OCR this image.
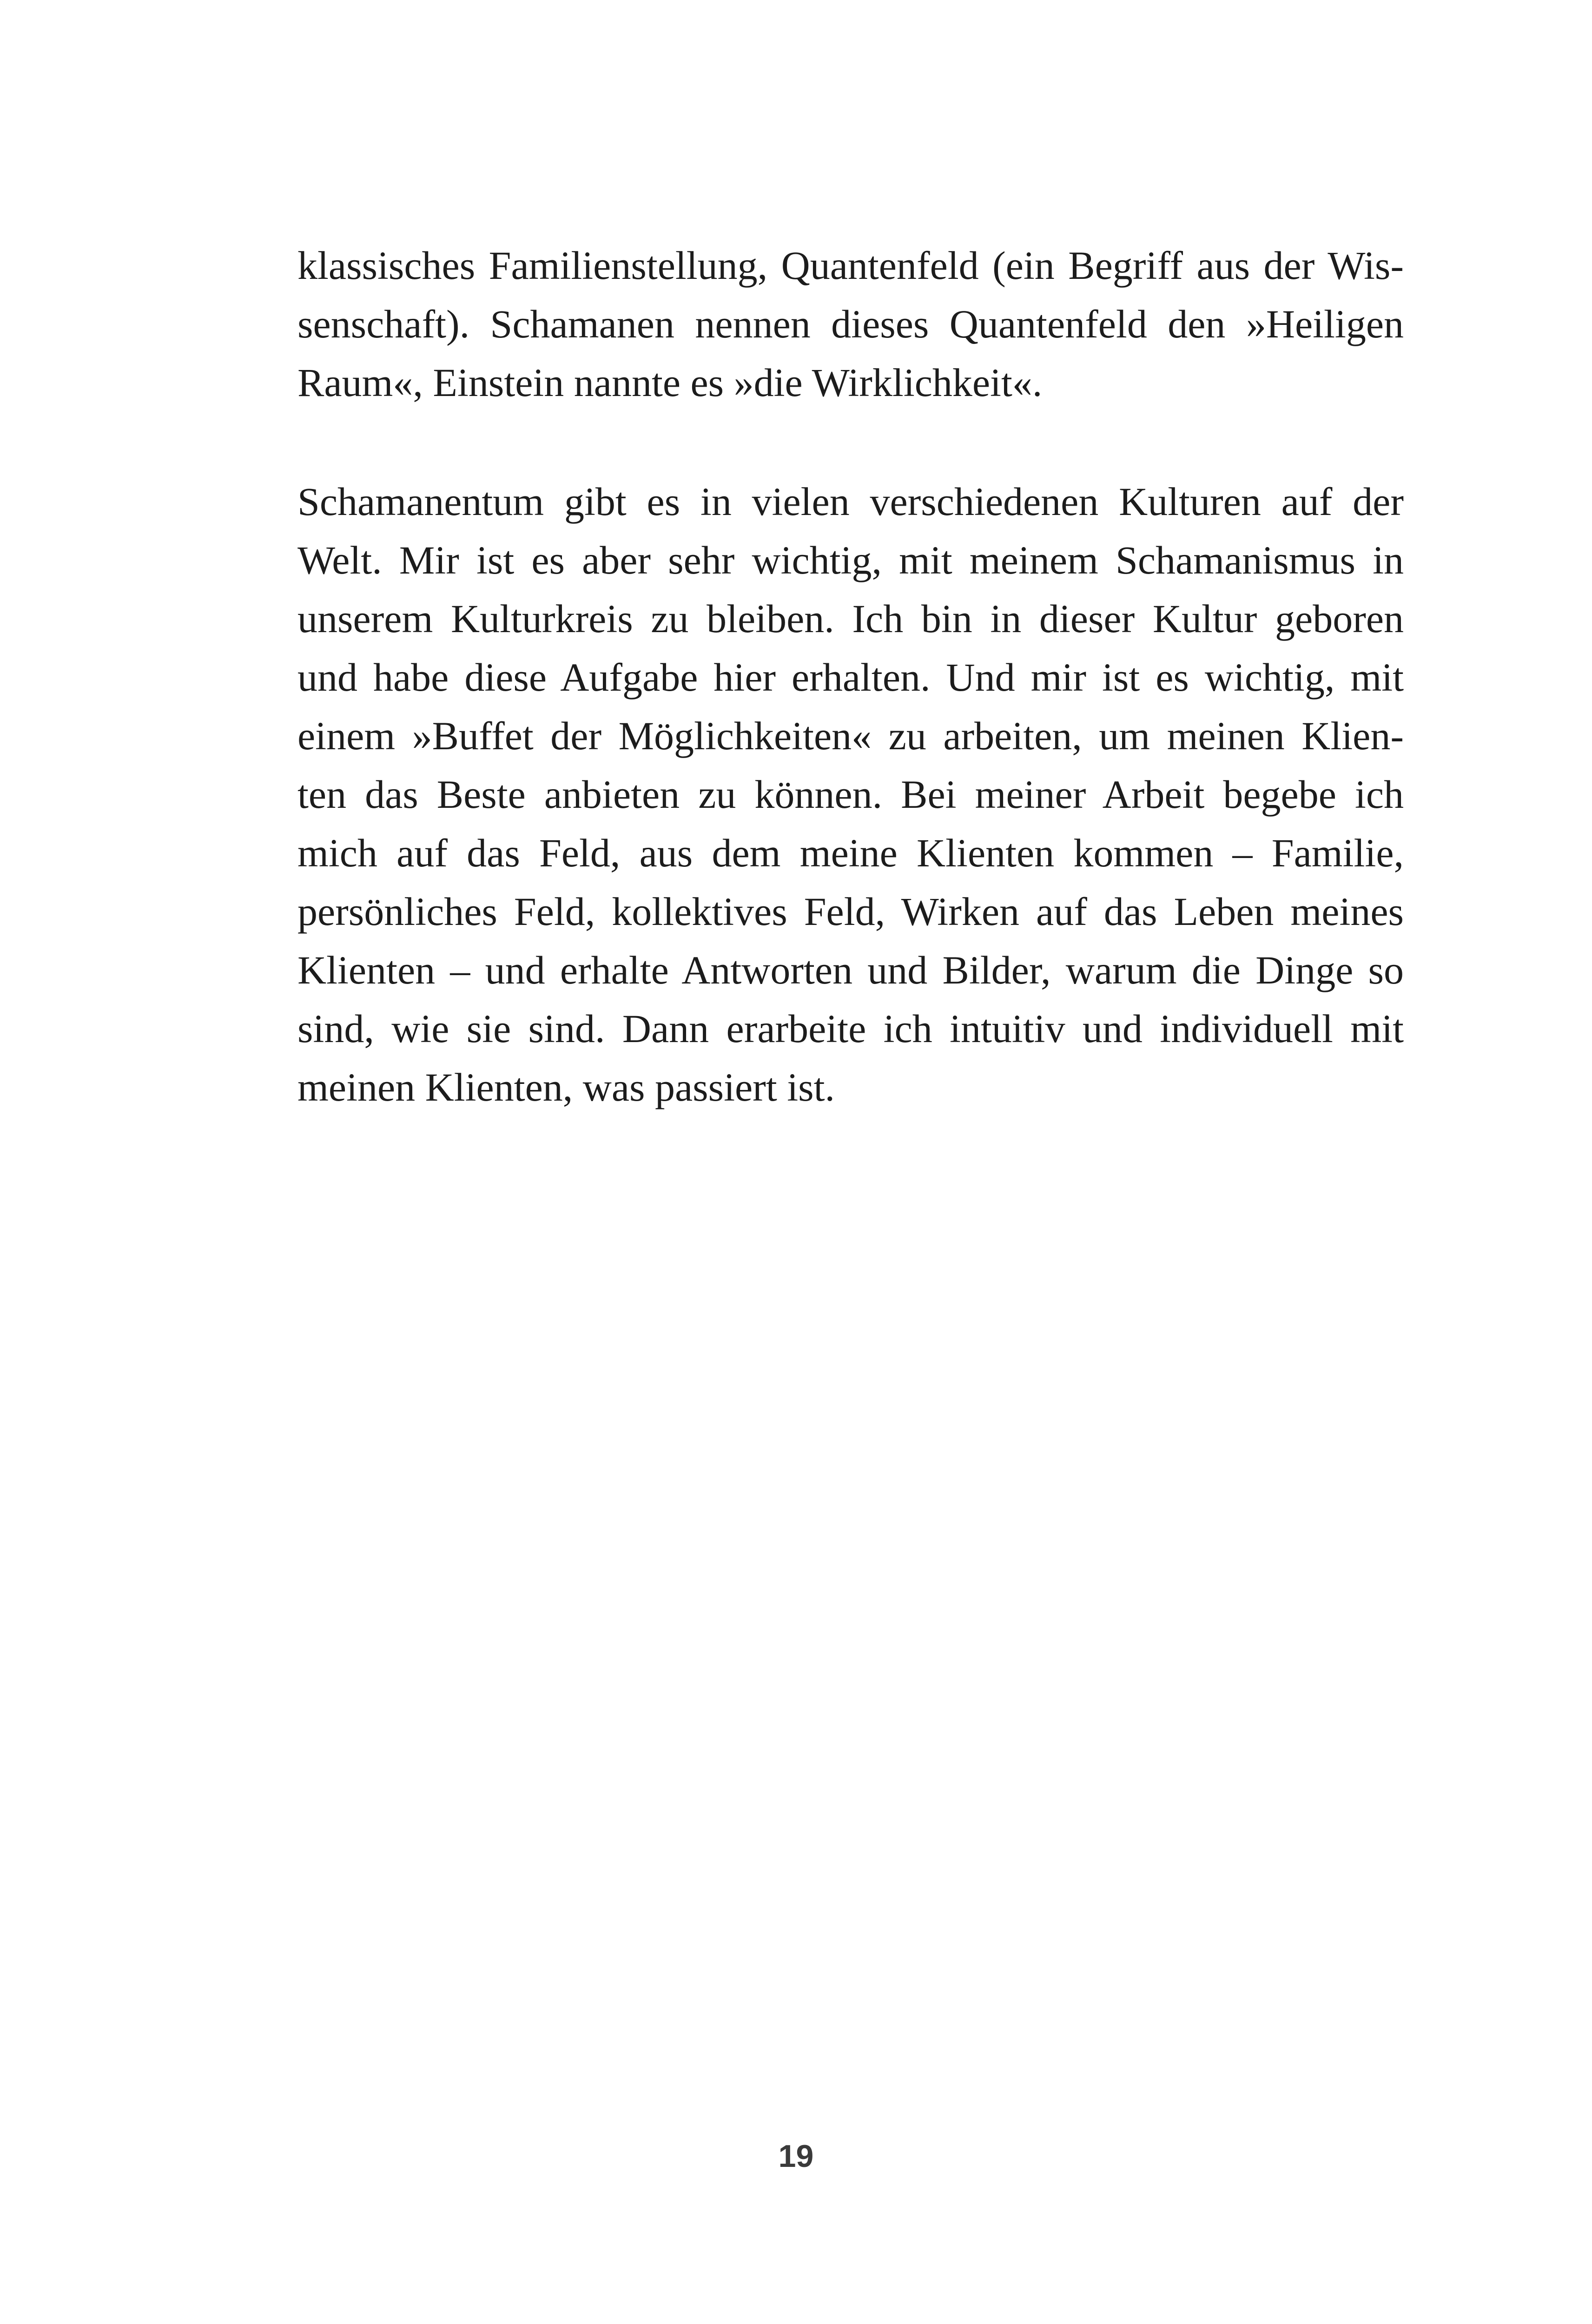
klassisches Familienstellung, Quantenfeld (ein Begriff aus der Wis-
senschaft). Schamanen nennen dieses Quantenfeld den »Heiligen
Raum«, Einstein nannte es »die Wirklichkeit«.
Schamanentum gibt es in vielen verschiedenen Kulturen auf der
Welt. Mir ist es aber sehr wichtig, mit meinem Schamanismus in
unserem Kulturkreis zu bleiben. Ich bin in dieser Kultur geboren
und habe diese Aufgabe hier erhalten. Und mir ist es wichtig, mit
einem »Buffet der Möglichkeiten« zu arbeiten, um meinen Klien-
ten das Beste anbieten zu können. Bei meiner Arbeit begebe ich
mich auf das Feld, aus dem meine Klienten kommen – Familie,
persönliches Feld, kollektives Feld, Wirken auf das Leben meines
Klienten – und erhalte Antworten und Bilder, warum die Dinge so
sind, wie sie sind. Dann erarbeite ich intuitiv und individuell mit
meinen Klienten, was passiert ist.
19
